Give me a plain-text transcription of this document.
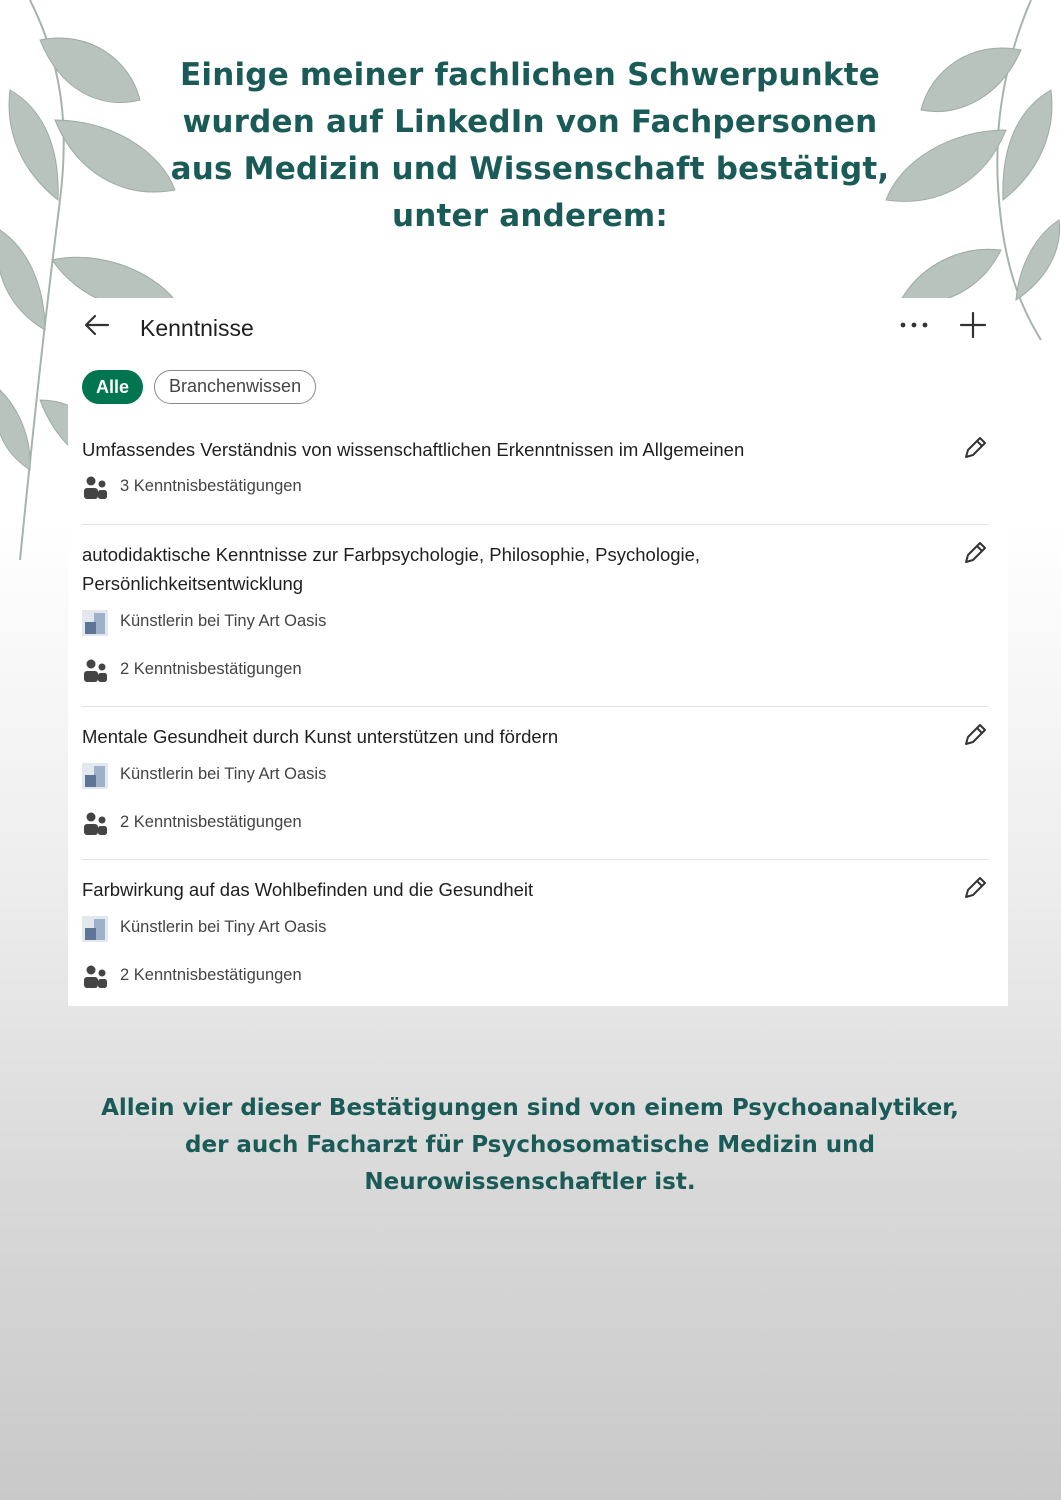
Einige meiner fachlichen Schwerpunkte
wurden auf LinkedIn von Fachpersonen
aus Medizin und Wissenschaft bestätigt,
unter anderem:
Kenntnisse
Alle	Branchenwissen
Umfassendes Verständnis von wissenschaftlichen Erkenntnissen im Allgemeinen
3 Kenntnisbestätigungen
autodidaktische Kenntnisse zur Farbpsychologie, Philosophie, Psychologie, Persönlichkeitsentwicklung
Künstlerin bei Tiny Art Oasis
2 Kenntnisbestätigungen
Mentale Gesundheit durch Kunst unterstützen und fördern
Künstlerin bei Tiny Art Oasis
2 Kenntnisbestätigungen
Farbwirkung auf das Wohlbefinden und die Gesundheit
Künstlerin bei Tiny Art Oasis
2 Kenntnisbestätigungen
Allein vier dieser Bestätigungen sind von einem Psychoanalytiker,
der auch Facharzt für Psychosomatische Medizin und
Neurowissenschaftler ist.
